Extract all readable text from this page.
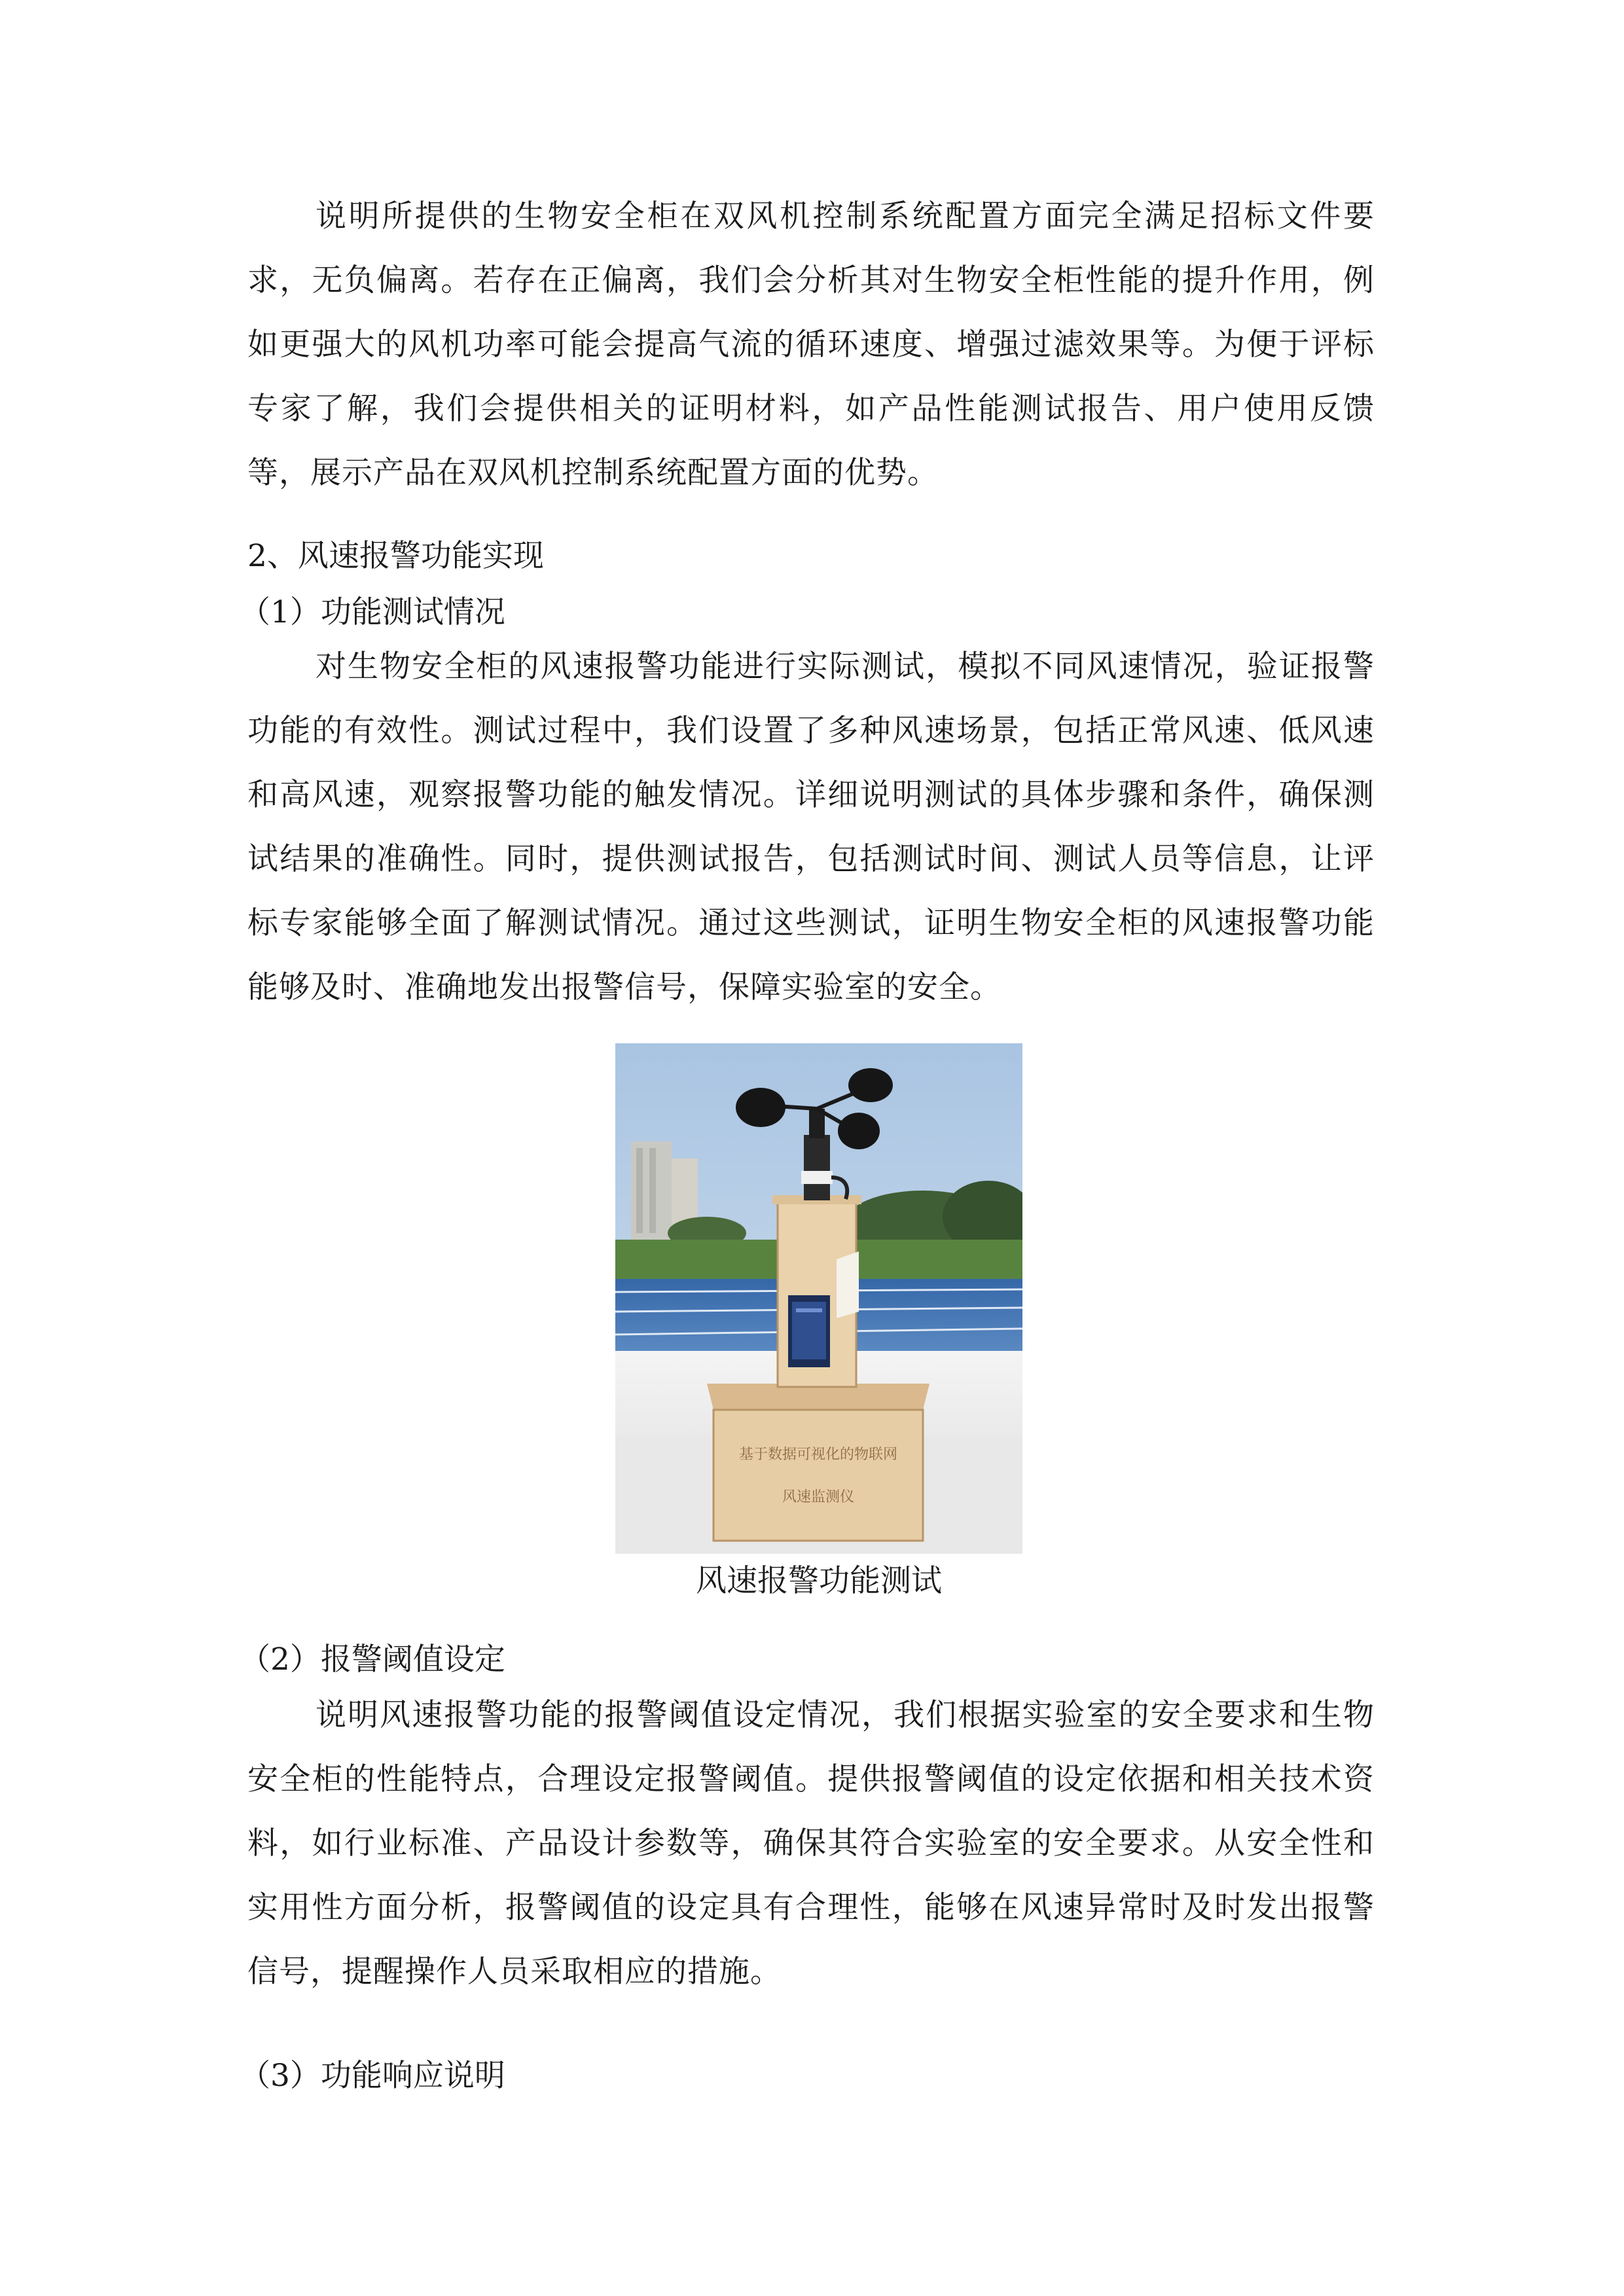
说明所提供的生物安全柜在双风机控制系统配置方面完全满足招标文件要求，无负偏离。若存在正偏离，我们会分析其对生物安全柜性能的提升作用，例如更强大的风机功率可能会提高气流的循环速度、增强过滤效果等。为便于评标专家了解，我们会提供相关的证明材料，如产品性能测试报告、用户使用反馈等，展示产品在双风机控制系统配置方面的优势。

2、风速报警功能实现

（1）功能测试情况

对生物安全柜的风速报警功能进行实际测试，模拟不同风速情况，验证报警功能的有效性。测试过程中，我们设置了多种风速场景，包括正常风速、低风速和高风速，观察报警功能的触发情况。详细说明测试的具体步骤和条件，确保测试结果的准确性。同时，提供测试报告，包括测试时间、测试人员等信息，让评标专家能够全面了解测试情况。通过这些测试，证明生物安全柜的风速报警功能能够及时、准确地发出报警信号，保障实验室的安全。

基于数据可视化的物联网
风速监测仪

风速报警功能测试

（2）报警阈值设定

说明风速报警功能的报警阈值设定情况，我们根据实验室的安全要求和生物安全柜的性能特点，合理设定报警阈值。提供报警阈值的设定依据和相关技术资料，如行业标准、产品设计参数等，确保其符合实验室的安全要求。从安全性和实用性方面分析，报警阈值的设定具有合理性，能够在风速异常时及时发出报警信号，提醒操作人员采取相应的措施。

（3）功能响应说明
